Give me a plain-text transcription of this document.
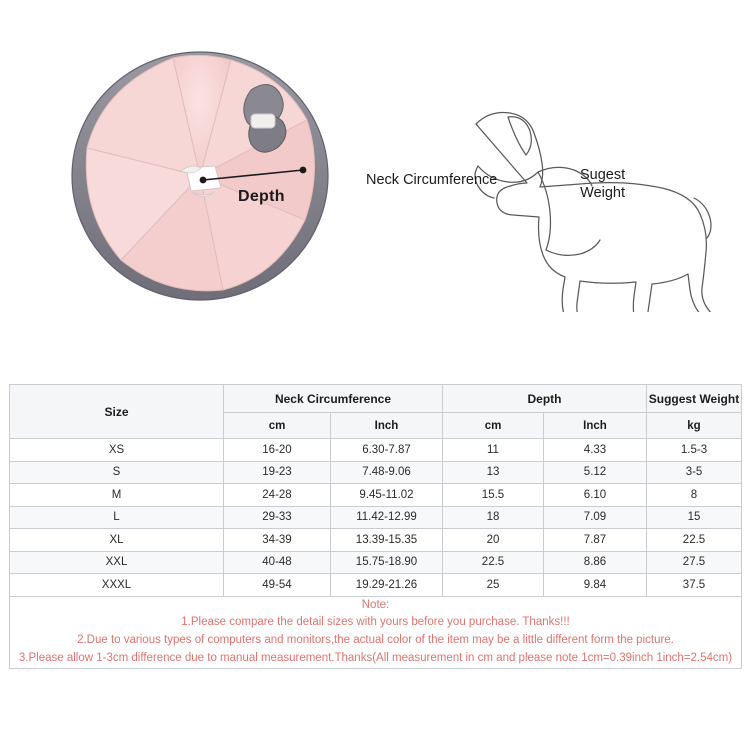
Depth
Neck Circumference	Sugest
Weight
Size	Neck Circumference		Depth		Suggest Weight
	cm	Inch	cm	Inch	kg
XS	16-20	6.30-7.87	11	4.33	1.5-3
S	19-23	7.48-9.06	13	5.12	3-5
M	24-28	9.45-11.02	15.5	6.10	8
L	29-33	11.42-12.99	18	7.09	15
XL	34-39	13.39-15.35	20	7.87	22.5
XXL	40-48	15.75-18.90	22.5	8.86	27.5
XXXL	49-54	19.29-21.26	25	9.84	37.5

Note:
1.Please compare the detail sizes with yours before you purchase. Thanks!!!
2.Due to various types of computers and monitors,the actual color of the item may be a little different form the picture.
3.Please allow 1-3cm difference due to manual measurement.Thanks(All measurement in cm and please note 1cm=0.39inch 1inch=2.54cm)					
